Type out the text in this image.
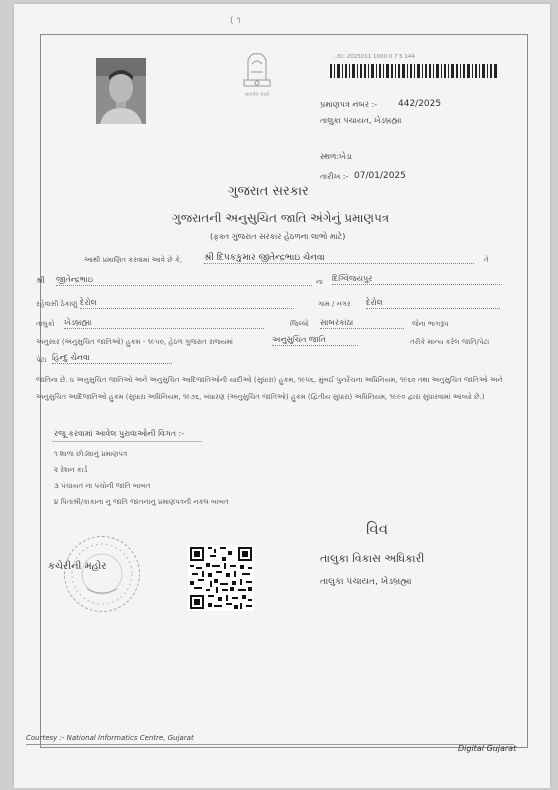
( ૧
सत्यमेव जयते
...ID: 2025011 1000 0 7 5 144
પ્રમાણપત્ર નંબર :- 442/2025
તાલુકા પંચાયત, ખેડબ્રહ્મા
સ્થળ:ખેડા
તારીખ :- 07/01/2025
ગુજરાત સરકાર
ગુજરાતની અનુસુચિત જાતિ અંગેનું પ્રમાણપત્ર
(ફક્ત ગુજરાત સરકાર હેઠળના લાભો માટે)
આથી પ્રમાણિત કરવામાં આવે છે કે, શ્રી દિપકકુમાર જીતેન્દ્રભાઇ ચેનવા	તે
શ્રી જીતેન્દ્રભાઇ	ના દિગ્વિજયપુર
રહેવાસી ઠેકાણું દેરોલ	ગામ / નગર દેરોલ
તાલુકો ખેડબ્રહ્મા	જિલ્લો સાબરકાંઠા	જેના ભાગરૂપ
અનુસાર (અનુસુચિત જાતિઓ) હુકમ - ૧૯૫૦, હેઠળ ગુજરાત રાજ્યમાં	અનુસુચિત જાતિ	તરીકે માન્ય કરેલ જાતિ/પેટા
પેટા હિન્દુ ચેનવા
જાતિના છે. ધ અનુસુચિત જાતિઓ અને અનુસુચિત આદિજાતિઓની યાદીઓ (સુધારા) હુકમ, ૧૯૫૬, મુંબઈ પુનર્રચના અધિનિયમ, ૧૯૬૦ તથા અનુસુચિત જાતિઓ અને અનુસુચિત આદિજાતિઓ હુકમ (સુધારા અધિનિયમ, ૧૯૭૬, બંધારણ (અનુસુચિત જાતિઓ) હુકમ (દ્વિતીય સુધારા) અધિનિયમ, ૧૯૯૦ દ્વારા સુધારવામાં આવ્યો છે.)
રજૂ કરવામાં આવેલ પુરાવાઓની વિગત :-
૧ શાળા છોડ્યાનું પ્રમાણપત્ર
૨ રેશન કાર્ડ
૩ પંચાયત ના પંચોની જાતિ બાબત
૪ પિતાશ્રી/કાકાના નુ જાતિ જાતનાનું પ્રમાણપત્રની નકલ બાબત
કચેરીની મહોર
વિવ
તાલુકા વિકાસ અધિકારી
તાલુકા પંચાયત, ખેડબ્રહ્મા
Courtesy :- National Informatics Centre, Gujarat
Digital Gujarat
